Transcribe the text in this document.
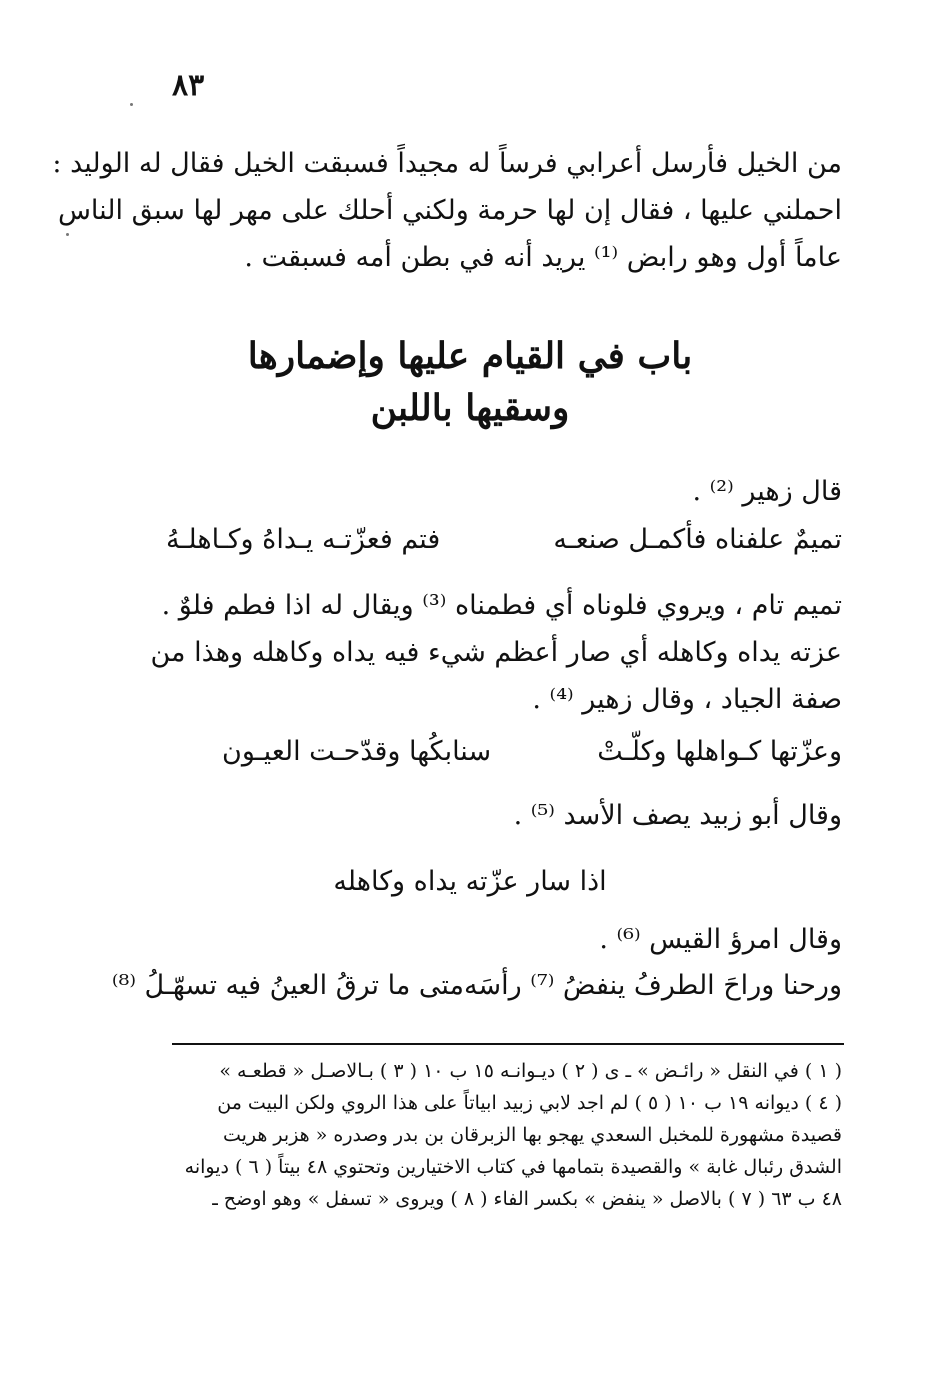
٨٣
من الخيل فأرسل أعرابي فرساً له مجيداً فسبقت الخيل فقال له الوليد :
احملني عليها ، فقال إن لها حرمة ولكني أحلك على مهر لها سبق الناس
عاماً أول وهو رابض ⁽¹⁾ يريد أنه في بطن أمه فسبقت .
باب في القيام عليها وإضمارها
وسقيها باللبن
قال زهير ⁽²⁾ .
تميمٌ علفناه فأكمـل صنعـه
فتم فعزّتـه يـداهُ وكـاهلـهُ
تميم تام ، ويروي فلوناه أي فطمناه ⁽³⁾ ويقال له اذا فطم فلوٌ .
عزته يداه وكاهله أي صار أعظم شيء فيه يداه وكاهله وهذا من
صفة الجياد ، وقال زهير ⁽⁴⁾ .
وعزّتها كـواهلها وكلّـتْ
سنابكُها وقدّحـت العيـون
وقال أبو زبيد يصف الأسد ⁽⁵⁾ .
اذا سار عزّته يداه وكاهله
وقال امرؤ القيس ⁽⁶⁾ .
ورحنا وراحَ الطرفُ ينفضُ ⁽⁷⁾ رأسَه
متى ما ترقُ العينُ فيه تسهّـلُ ⁽⁸⁾
( ١ ) في النقل « رائـض » ـ ى ( ٢ ) ديـوانـه ١٥ ب ١٠ ( ٣ ) بـالاصـل « قطعـه »
( ٤ ) ديوانه ١٩ ب ١٠ ( ٥ ) لم اجد لابي زبيد ابياتاً على هذا الروي ولكن البيت من
قصيدة مشهورة للمخبل السعدي يهجو بها الزبرقان بن بدر وصدره « هزبر هريت
الشدق رئبال غابة » والقصيدة بتمامها في كتاب الاختيارين وتحتوي ٤٨ بيتاً ( ٦ ) ديوانه
٤٨ ب ٦٣ ( ٧ ) بالاصل « ينفض » بكسر الفاء ( ٨ ) ويروى « تسفل » وهو اوضح ـ
